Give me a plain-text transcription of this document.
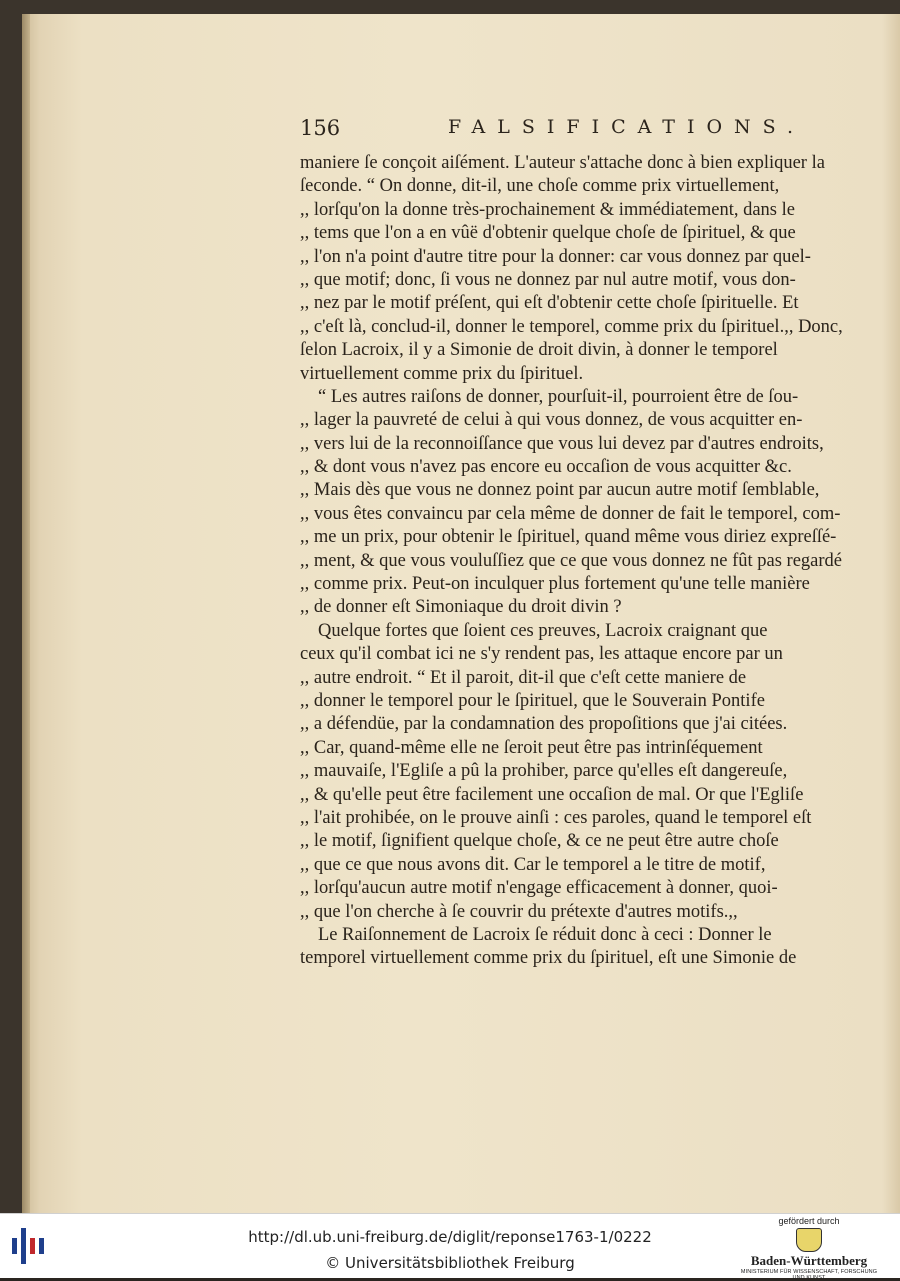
156	FALSIFICATIONS.
maniere ſe conçoit aiſément. L'auteur s'attache donc à bien expliquer la
ſeconde. “ On donne, dit-il, une choſe comme prix virtuellement,
,, lorſqu'on la donne très-prochainement & immédiatement, dans le
,, tems que l'on a en vûë d'obtenir quelque choſe de ſpirituel, & que
,, l'on n'a point d'autre titre pour la donner: car vous donnez par quel-
,, que motif; donc, ſi vous ne donnez par nul autre motif, vous don-
,, nez par le motif préſent, qui eſt d'obtenir cette choſe ſpirituelle. Et
,, c'eſt là, conclud-il, donner le temporel, comme prix du ſpirituel.,, Donc,
ſelon Lacroix, il y a Simonie de droit divin, à donner le temporel
virtuellement comme prix du ſpirituel.
“ Les autres raiſons de donner, pourſuit-il, pourroient être de ſou-
,, lager la pauvreté de celui à qui vous donnez, de vous acquitter en-
,, vers lui de la reconnoiſſance que vous lui devez par d'autres endroits,
,, & dont vous n'avez pas encore eu occaſion de vous acquitter &c.
,, Mais dès que vous ne donnez point par aucun autre motif ſemblable,
,, vous êtes convaincu par cela même de donner de fait le temporel, com-
,, me un prix, pour obtenir le ſpirituel, quand même vous diriez expreſſé-
,, ment, & que vous vouluſſiez que ce que vous donnez ne fût pas regardé
,, comme prix. Peut-on inculquer plus fortement qu'une telle manière
,, de donner eſt Simoniaque du droit divin ?
Quelque fortes que ſoient ces preuves, Lacroix craignant que
ceux qu'il combat ici ne s'y rendent pas, les attaque encore par un
,, autre endroit. “ Et il paroit, dit-il que c'eſt cette maniere de
,, donner le temporel pour le ſpirituel, que le Souverain Pontife
,, a défendüe, par la condamnation des propoſitions que j'ai citées.
,, Car, quand-même elle ne ſeroit peut être pas intrinſéquement
,, mauvaiſe, l'Egliſe a pû la prohiber, parce qu'elles eſt dangereuſe,
,, & qu'elle peut être facilement une occaſion de mal. Or que l'Egliſe
,, l'ait prohibée, on le prouve ainſi : ces paroles, quand le temporel eſt
,, le motif, ſignifient quelque choſe, & ce ne peut être autre choſe
,, que ce que nous avons dit. Car le temporel a le titre de motif,
,, lorſqu'aucun autre motif n'engage efficacement à donner, quoi-
,, que l'on cherche à ſe couvrir du prétexte d'autres motifs.,,
Le Raiſonnement de Lacroix ſe réduit donc à ceci : Donner le
temporel virtuellement comme prix du ſpirituel, eſt une Simonie de
http://dl.ub.uni-freiburg.de/diglit/reponse1763-1/0222
© Universitätsbibliothek Freiburg
gefördert durch
Baden-Württemberg
MINISTERIUM FÜR WISSENSCHAFT, FORSCHUNG UND KUNST
